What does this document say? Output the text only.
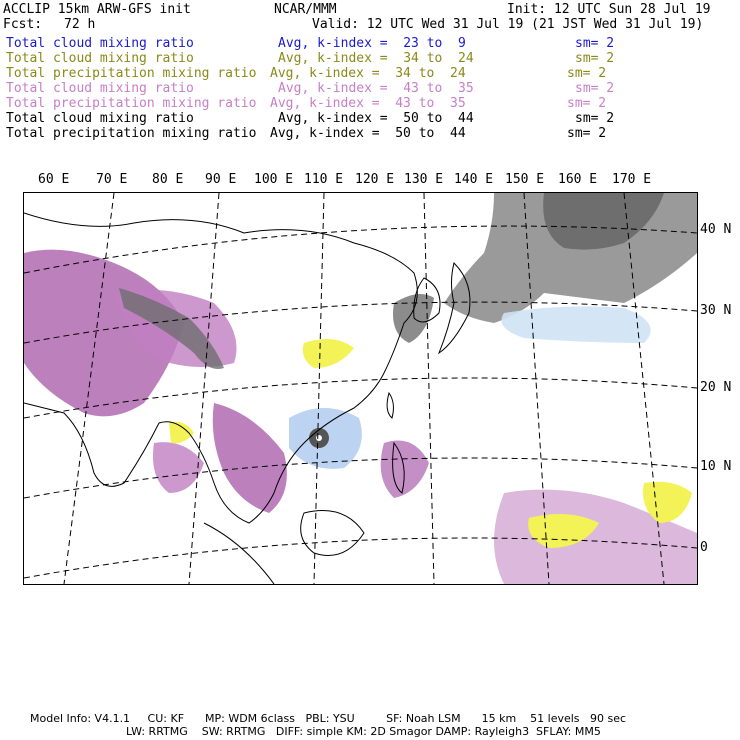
ACCLIP 15km ARW-GFS init	NCAR/MMM	Init: 12 UTC Sun 28 Jul 19
Fcst: 72 h	Valid: 12 UTC Wed 31 Jul 19 (21 JST Wed 31 Jul 19)
Total cloud mixing ratio	Avg, k-index =  23 to  9	sm= 2
Total cloud mixing ratio	Avg, k-index =  34 to  24	sm= 2
Total precipitation mixing ratio Avg, k-index =  34 to  24	sm= 2
Total cloud mixing ratio	Avg, k-index =  43 to  35	sm= 2
Total precipitation mixing ratio Avg, k-index =  43 to  35	sm= 2
Total cloud mixing ratio	Avg, k-index =  50 to  44	sm= 2
Total precipitation mixing ratio Avg, k-index =  50 to  44	sm= 2
60 E 70 E 80 E 90 E 100 E 110 E 120 E 130 E 140 E 150 E 160 E 170 E
40 N
30 N
20 N
10 N
0
Model Info: V4.1.1     CU: KF      MP: WDM 6class   PBL: YSU         SF: Noah LSM      15 km    51 levels   90 sec
LW: RRTMG    SW: RRTMG   DIFF: simple KM: 2D Smagor DAMP: Rayleigh3  SFLAY: MM5
